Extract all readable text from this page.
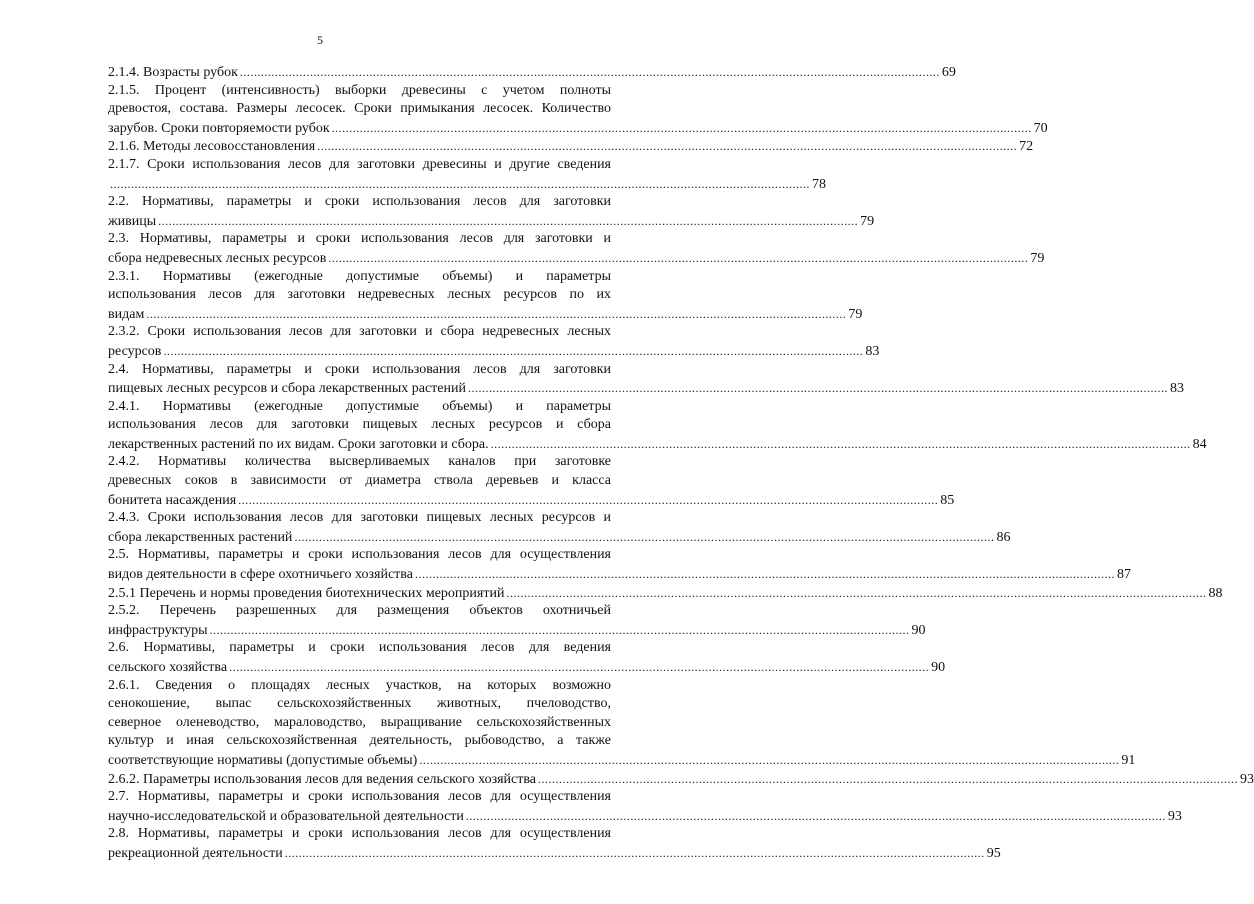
5
2.1.4. Возрасты рубок ........................................................................................................................................................................................................ 69
2.1.5. Процент (интенсивность) выборки древесины с учетом полноты
древостоя, состава. Размеры лесосек. Сроки примыкания лесосек. Количество
зарубов. Сроки повторяемости рубок ........................................................................................................................................................................................................ 70
2.1.6. Методы лесовосстановления ........................................................................................................................................................................................................ 72
2.1.7. Сроки использования лесов для заготовки древесины и другие сведения
........................................................................................................................................................................................................ 78
2.2. Нормативы, параметры и сроки использования лесов для заготовки
живицы ........................................................................................................................................................................................................ 79
2.3. Нормативы, параметры и сроки использования лесов для заготовки и
сбора недревесных лесных ресурсов ........................................................................................................................................................................................................ 79
2.3.1. Нормативы (ежегодные допустимые объемы) и параметры
использования лесов для заготовки недревесных лесных ресурсов по их
видам ........................................................................................................................................................................................................ 79
2.3.2. Сроки использования лесов для заготовки и сбора недревесных лесных
ресурсов ........................................................................................................................................................................................................ 83
2.4. Нормативы, параметры и сроки использования лесов для заготовки
пищевых лесных ресурсов и сбора лекарственных растений ........................................................................................................................................................................................................ 83
2.4.1. Нормативы (ежегодные допустимые объемы) и параметры
использования лесов для заготовки пищевых лесных ресурсов и сбора
лекарственных растений по их видам. Сроки заготовки и сбора. ........................................................................................................................................................................................................ 84
2.4.2. Нормативы количества высверливаемых каналов при заготовке
древесных соков в зависимости от диаметра ствола деревьев и класса
бонитета насаждения ........................................................................................................................................................................................................ 85
2.4.3. Сроки использования лесов для заготовки пищевых лесных ресурсов и
сбора лекарственных растений ........................................................................................................................................................................................................ 86
2.5. Нормативы, параметры и сроки использования лесов для осуществления
видов деятельности в сфере охотничьего хозяйства ........................................................................................................................................................................................................ 87
2.5.1 Перечень и нормы проведения биотехнических мероприятий ........................................................................................................................................................................................................ 88
2.5.2. Перечень разрешенных для размещения объектов охотничьей
инфраструктуры ........................................................................................................................................................................................................ 90
2.6. Нормативы, параметры и сроки использования лесов для ведения
сельского хозяйства ........................................................................................................................................................................................................ 90
2.6.1. Сведения о площадях лесных участков, на которых возможно
сенокошение, выпас сельскохозяйственных животных, пчеловодство,
северное оленеводство, мараловодство, выращивание сельскохозяйственных
культур и иная сельскохозяйственная деятельность, рыбоводство, а также
соответствующие нормативы (допустимые объемы) ........................................................................................................................................................................................................ 91
2.6.2. Параметры использования лесов для ведения сельского хозяйства ........................................................................................................................................................................................................ 93
2.7. Нормативы, параметры и сроки использования лесов для осуществления
научно-исследовательской и образовательной деятельности ........................................................................................................................................................................................................ 93
2.8. Нормативы, параметры и сроки использования лесов для осуществления
рекреационной деятельности ........................................................................................................................................................................................................ 95
